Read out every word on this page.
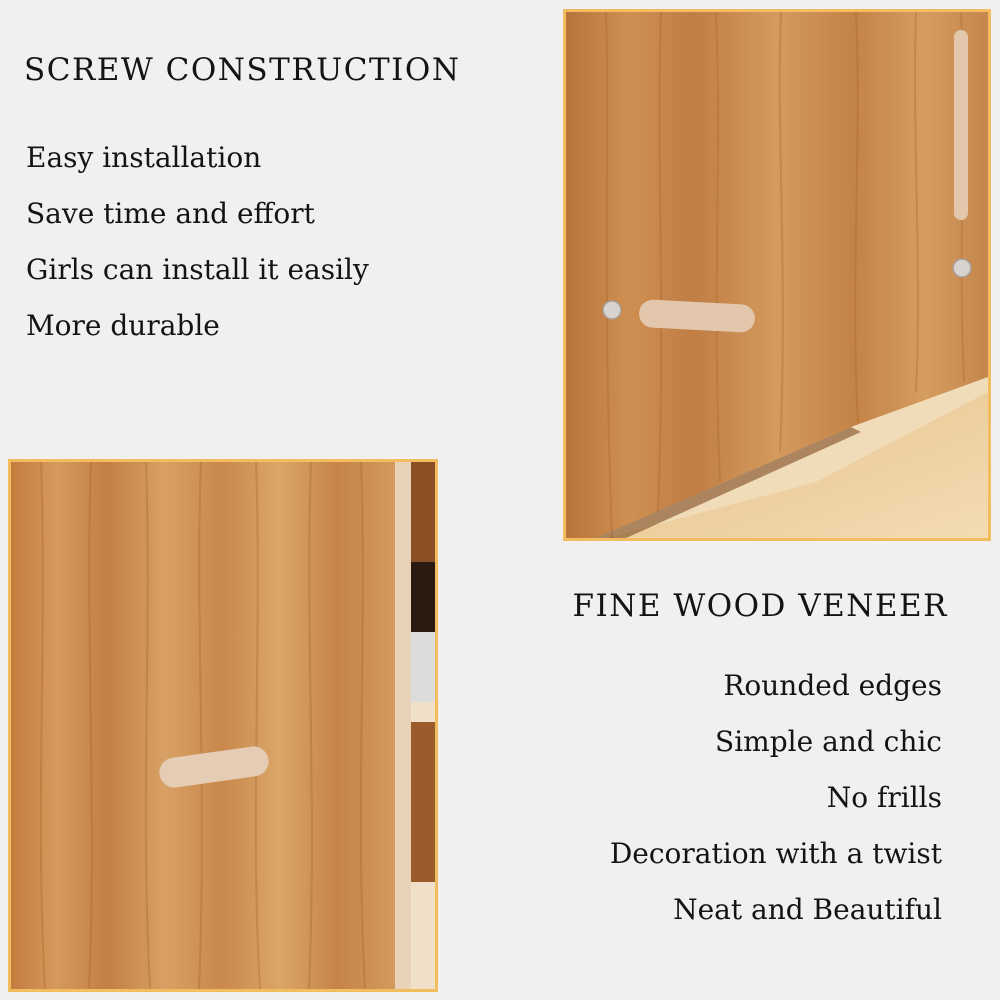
SCREW CONSTRUCTION
Easy installation
Save time and effort
Girls can install it easily
More durable
FINE WOOD VENEER
Rounded edges
Simple and chic
No frills
Decoration with a twist
Neat and Beautiful
